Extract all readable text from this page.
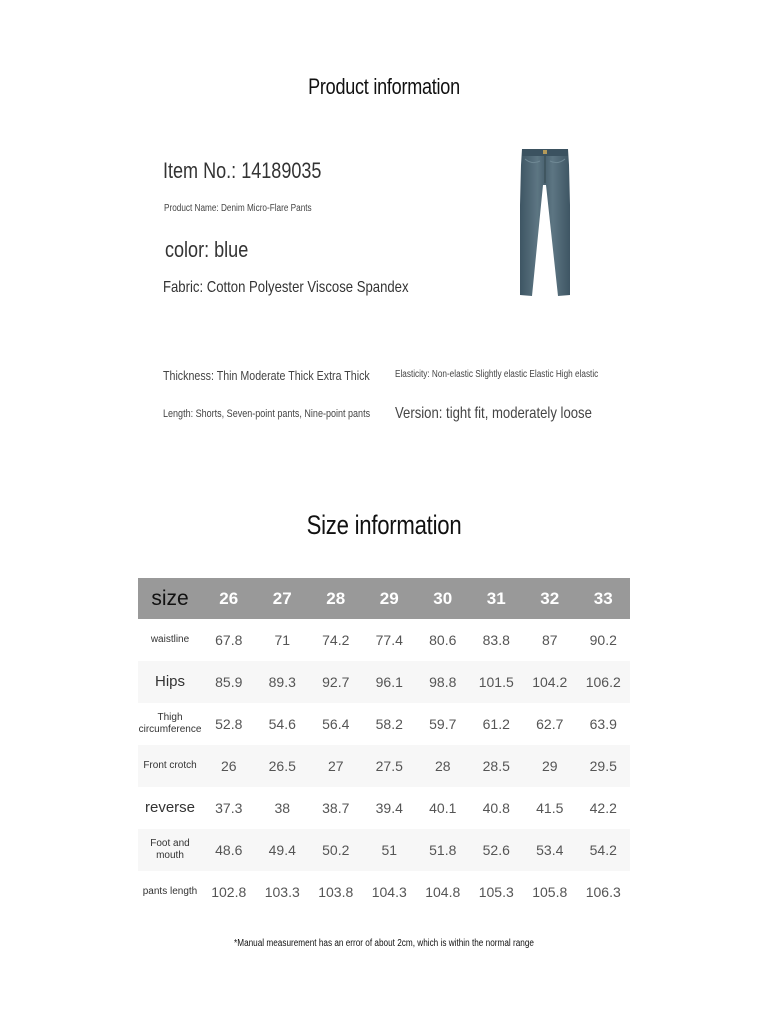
Product information
Item No.: 14189035
Product Name: Denim Micro-Flare Pants
color: blue
Fabric: Cotton Polyester Viscose Spandex
Thickness: Thin Moderate Thick Extra Thick	Elasticity: Non-elastic Slightly elastic Elastic High elastic
Length: Shorts, Seven-point pants, Nine-point pants Version: tight fit, moderately loose
Size information
size	26	27	28	29	30	31	32	33
waistline	67.8	71	74.2	77.4	80.6	83.8	87	90.2
Hips	85.9	89.3	92.7	96.1	98.8	101.5	104.2	106.2
Thigh circumference	52.8	54.6	56.4	58.2	59.7	61.2	62.7	63.9
Front crotch	26	26.5	27	27.5	28	28.5	29	29.5
reverse	37.3	38	38.7	39.4	40.1	40.8	41.5	42.2
Foot and mouth	48.6	49.4	50.2	51	51.8	52.6	53.4	54.2
pants length	102.8	103.3	103.8	104.3	104.8	105.3	105.8	106.3
*Manual measurement has an error of about 2cm, which is within the normal range
